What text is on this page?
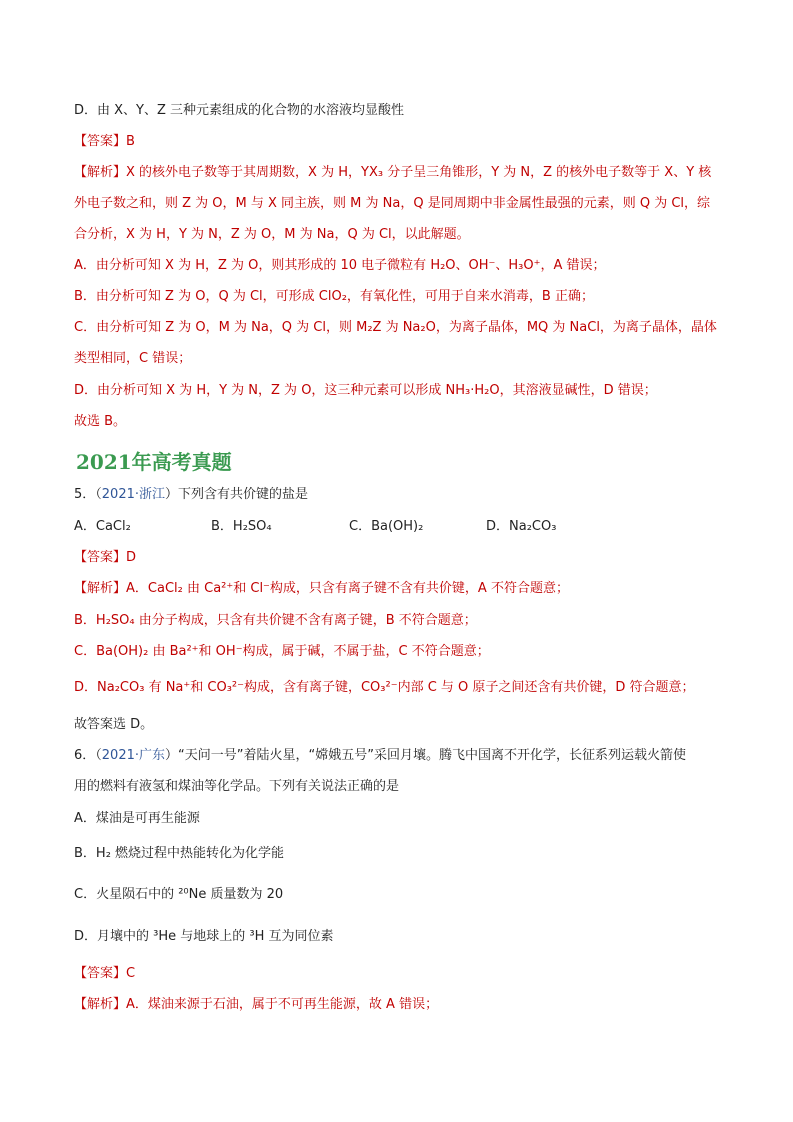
D．由 X、Y、Z 三种元素组成的化合物的水溶液均显酸性
【答案】B
【解析】X 的核外电子数等于其周期数，X 为 H，YX₃ 分子呈三角锥形，Y 为 N，Z 的核外电子数等于 X、Y 核
外电子数之和，则 Z 为 O，M 与 X 同主族，则 M 为 Na，Q 是同周期中非金属性最强的元素，则 Q 为 Cl，综
合分析，X 为 H，Y 为 N，Z 为 O，M 为 Na，Q 为 Cl，以此解题。
A．由分析可知 X 为 H，Z 为 O，则其形成的 10 电子微粒有 H₂O、OH⁻、H₃O⁺，A 错误；
B．由分析可知 Z 为 O，Q 为 Cl，可形成 ClO₂，有氧化性，可用于自来水消毒，B 正确；
C．由分析可知 Z 为 O，M 为 Na，Q 为 Cl，则 M₂Z 为 Na₂O，为离子晶体，MQ 为 NaCl，为离子晶体，晶体
类型相同，C 错误；
D．由分析可知 X 为 H，Y 为 N，Z 为 O，这三种元素可以形成 NH₃·H₂O，其溶液显碱性，D 错误；
故选 B。
2021年高考真题
5．（2021·浙江）下列含有共价键的盐是
A．CaCl₂	B．H₂SO₄	C．Ba(OH)₂	D．Na₂CO₃
【答案】D
【解析】A．CaCl₂ 由 Ca²⁺和 Cl⁻构成，只含有离子键不含有共价键，A 不符合题意；
B．H₂SO₄ 由分子构成，只含有共价键不含有离子键，B 不符合题意；
C．Ba(OH)₂ 由 Ba²⁺和 OH⁻构成，属于碱，不属于盐，C 不符合题意；
D．Na₂CO₃ 有 Na⁺和 CO₃²⁻构成，含有离子键，CO₃²⁻内部 C 与 O 原子之间还含有共价键，D 符合题意；
故答案选 D。
6．（2021·广东）“天问一号”着陆火星，“嫦娥五号”采回月壤。腾飞中国离不开化学，长征系列运载火箭使
用的燃料有液氢和煤油等化学品。下列有关说法正确的是
A．煤油是可再生能源
B．H₂ 燃烧过程中热能转化为化学能
C．火星陨石中的 ²⁰Ne 质量数为 20
D．月壤中的 ³He 与地球上的 ³H 互为同位素
【答案】C
【解析】A．煤油来源于石油，属于不可再生能源，故 A 错误；
